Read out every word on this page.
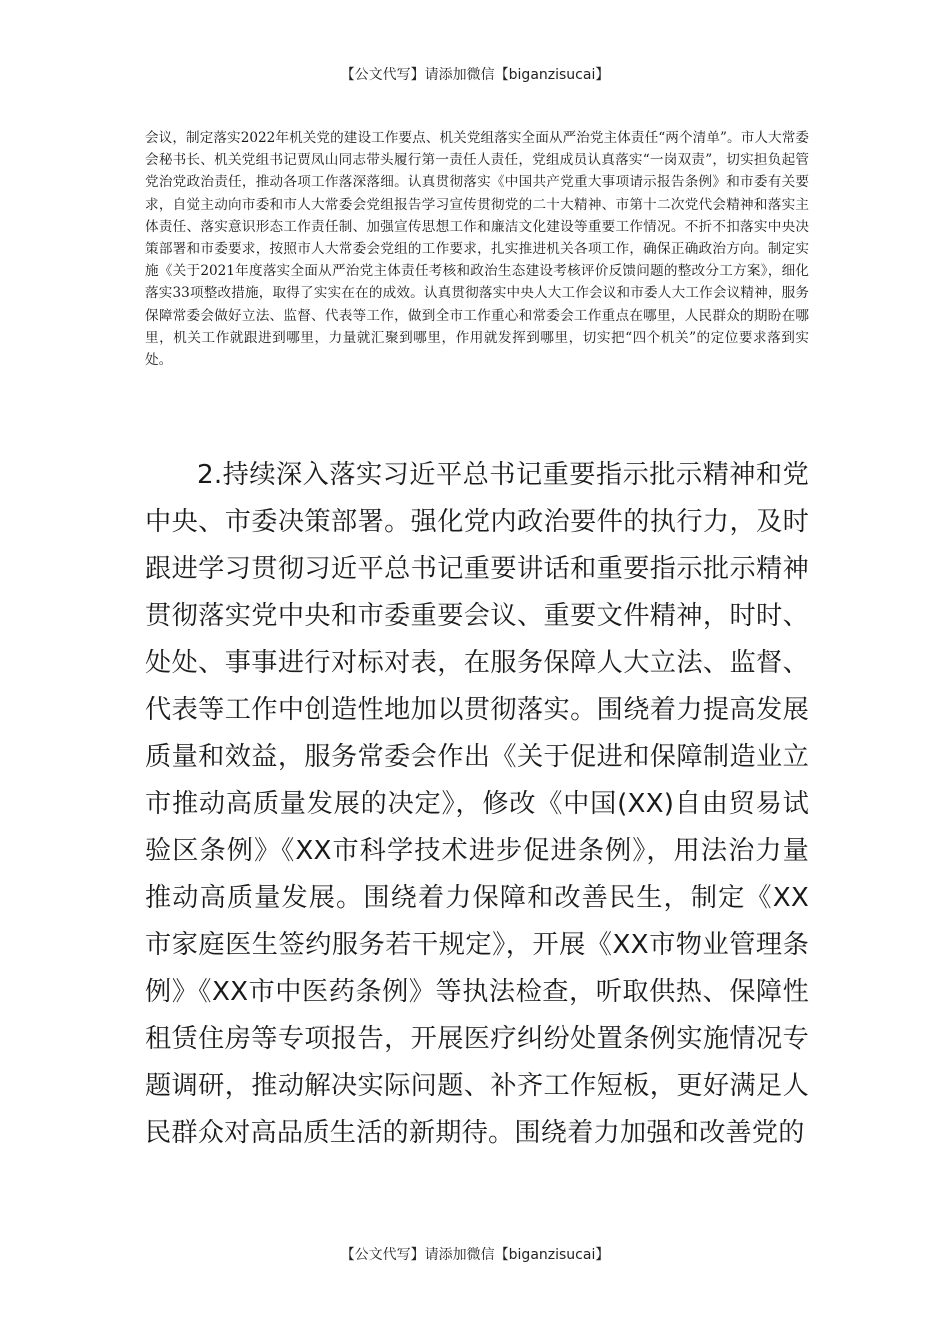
【公文代写】请添加微信【biganzisucai】

会议，制定落实2022年机关党的建设工作要点、机关党组落实全面从严治党主体责任“两个清单”。市人大常委会秘书长、机关党组书记贾凤山同志带头履行第一责任人责任，党组成员认真落实“一岗双责”，切实担负起管党治党政治责任，推动各项工作落深落细。认真贯彻落实《中国共产党重大事项请示报告条例》和市委有关要求，自觉主动向市委和市人大常委会党组报告学习宣传贯彻党的二十大精神、市第十二次党代会精神和落实主体责任、落实意识形态工作责任制、加强宣传思想工作和廉洁文化建设等重要工作情况。不折不扣落实中央决策部署和市委要求，按照市人大常委会党组的工作要求，扎实推进机关各项工作，确保正确政治方向。制定实施《关于2021年度落实全面从严治党主体责任考核和政治生态建设考核评价反馈问题的整改分工方案》，细化落实33项整改措施，取得了实实在在的成效。认真贯彻落实中央人大工作会议和市委人大工作会议精神，服务保障常委会做好立法、监督、代表等工作，做到全市工作重心和常委会工作重点在哪里，人民群众的期盼在哪里，机关工作就跟进到哪里，力量就汇聚到哪里，作用就发挥到哪里，切实把“四个机关”的定位要求落到实处。

2.持续深入落实习近平总书记重要指示批示精神和党中央、市委决策部署。强化党内政治要件的执行力，及时跟进学习贯彻习近平总书记重要讲话和重要指示批示精神贯彻落实党中央和市委重要会议、重要文件精神，时时、处处、事事进行对标对表，在服务保障人大立法、监督、代表等工作中创造性地加以贯彻落实。围绕着力提高发展质量和效益，服务常委会作出《关于促进和保障制造业立市推动高质量发展的决定》，修改《中国(XX)自由贸易试验区条例》《XX市科学技术进步促进条例》，用法治力量推动高质量发展。围绕着力保障和改善民生，制定《XX市家庭医生签约服务若干规定》，开展《XX市物业管理条例》《XX市中医药条例》等执法检查，听取供热、保障性租赁住房等专项报告，开展医疗纠纷处置条例实施情况专题调研，推动解决实际问题、补齐工作短板，更好满足人民群众对高品质生活的新期待。围绕着力加强和改善党的

【公文代写】请添加微信【biganzisucai】
